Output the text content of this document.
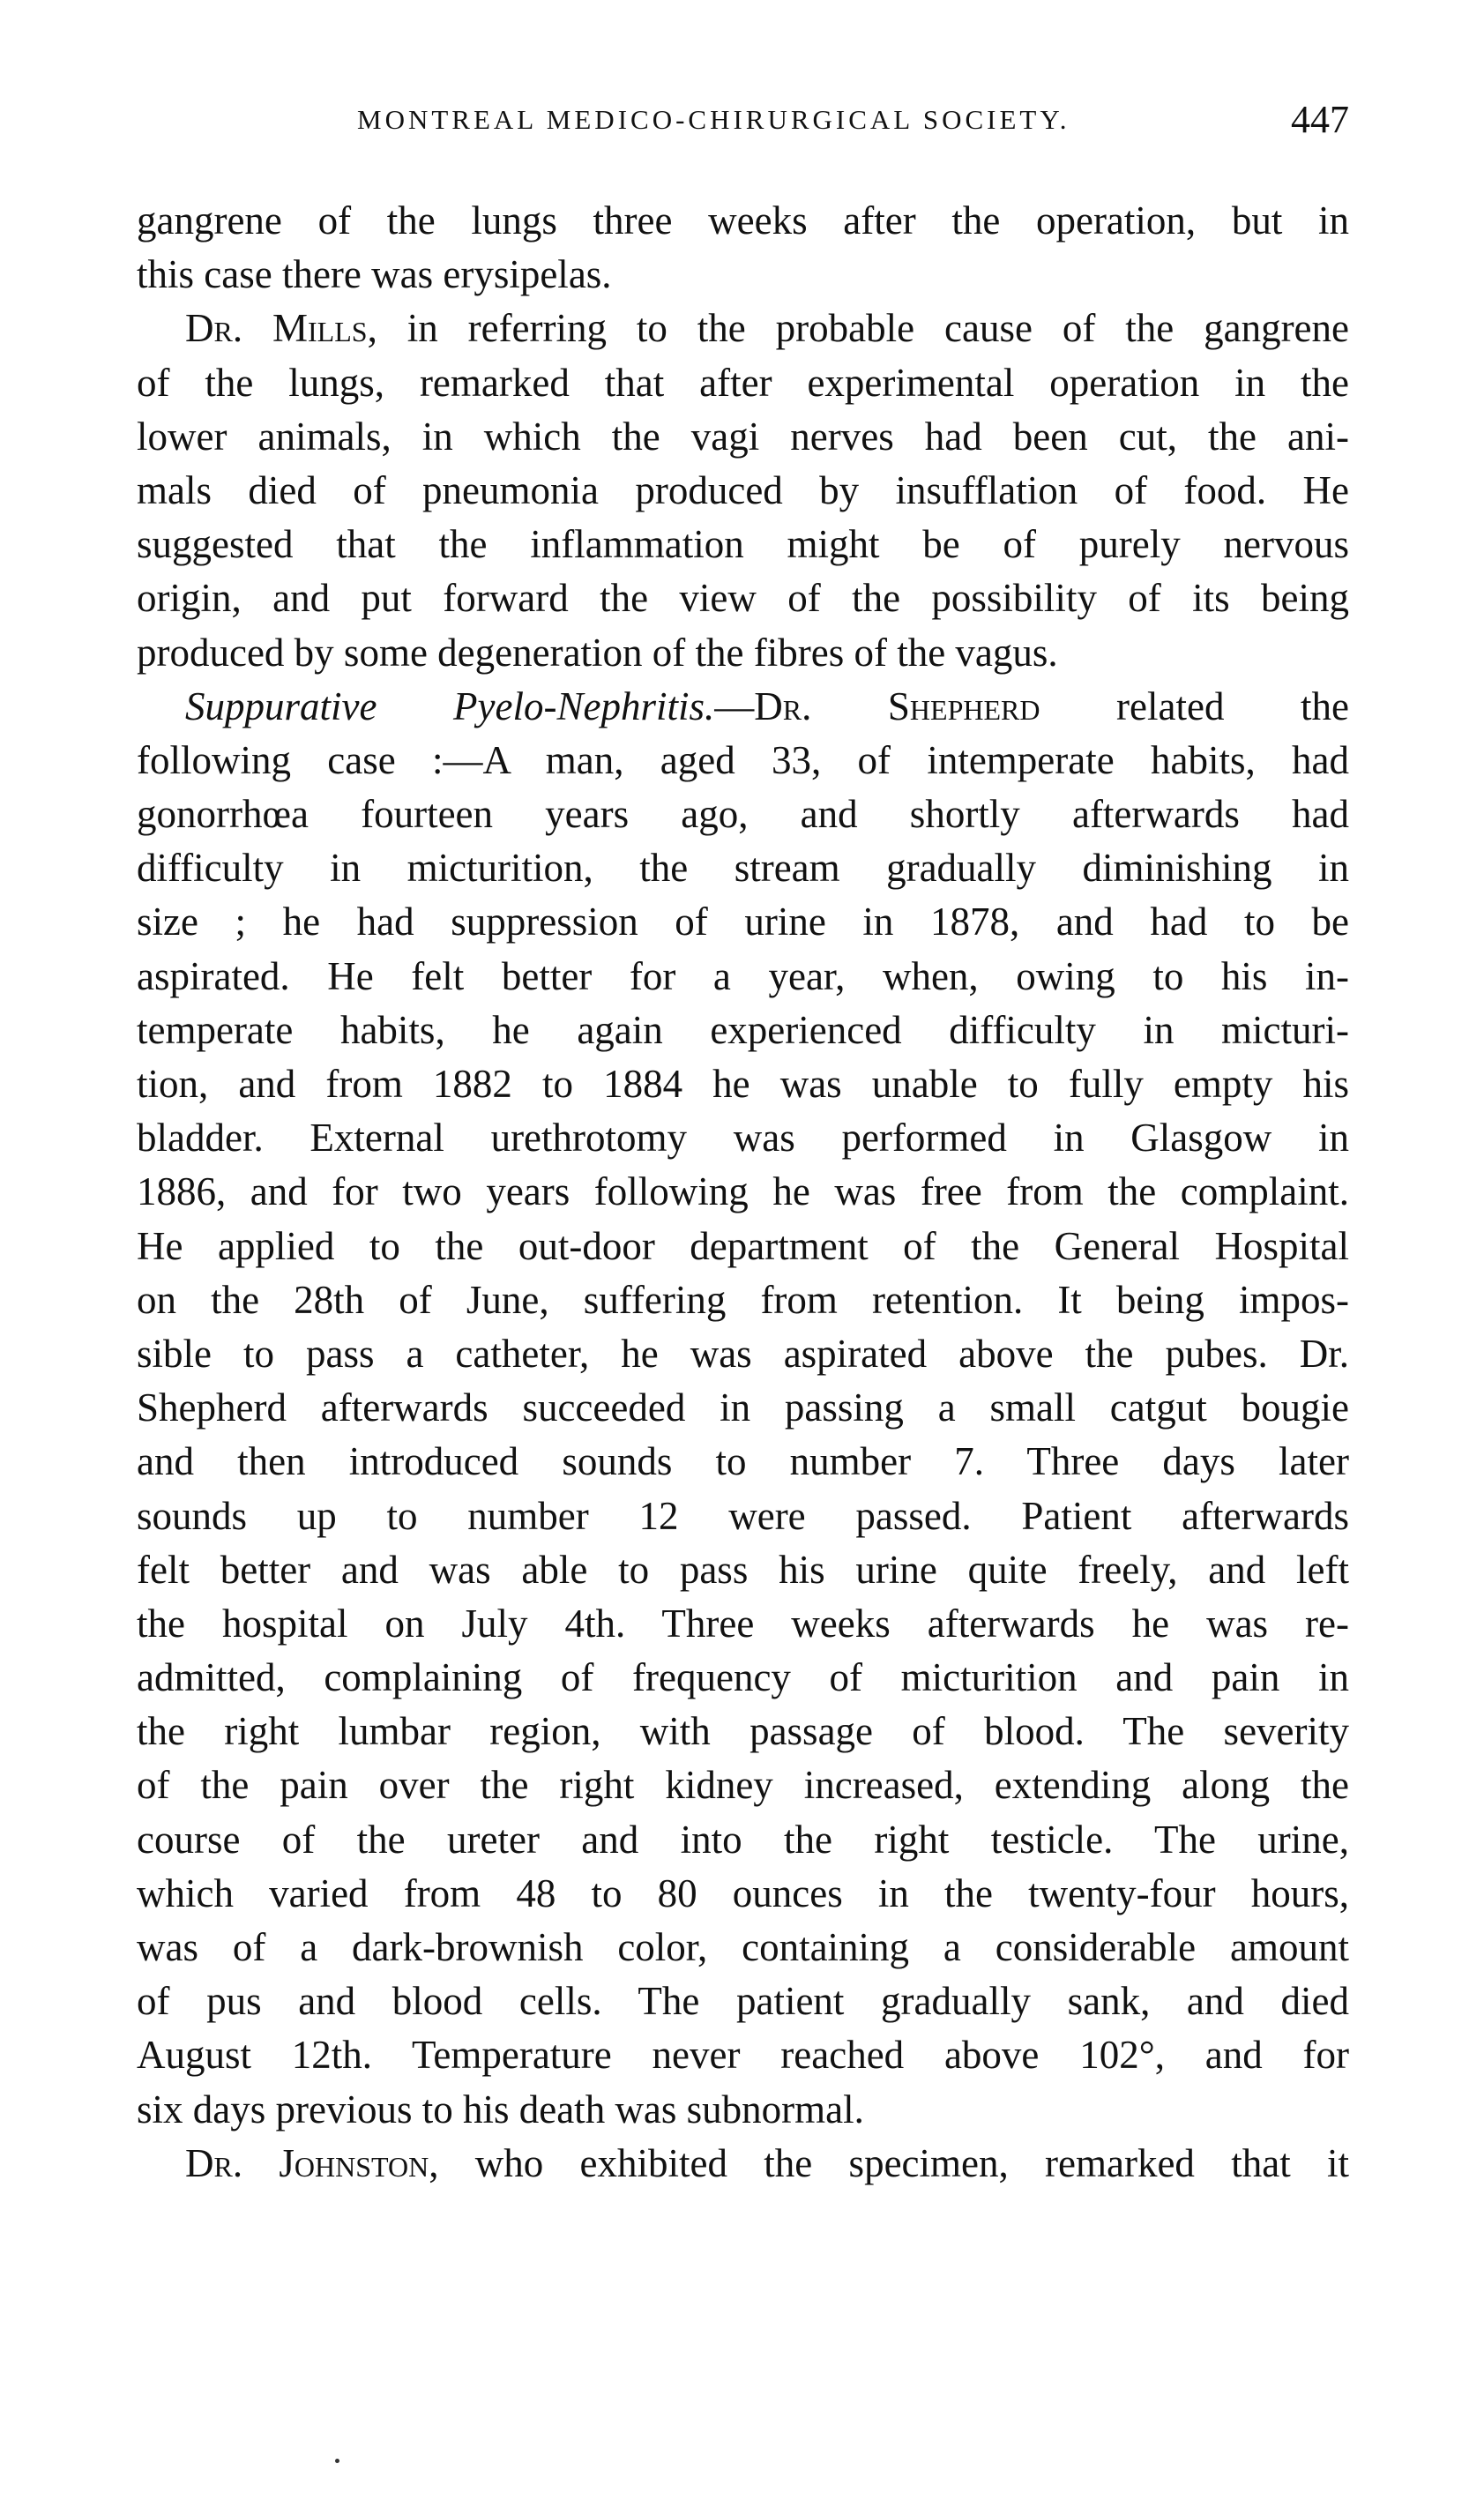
MONTREAL MEDICO-CHIRURGICAL SOCIETY.	447
gangrene of the lungs three weeks after the operation, but in
this case there was erysipelas.
Dr. Mills, in referring to the probable cause of the gangrene
of the lungs, remarked that after experimental operation in the
lower animals, in which the vagi nerves had been cut, the ani-
mals died of pneumonia produced by insufflation of food. He
suggested that the inflammation might be of purely nervous
origin, and put forward the view of the possibility of its being
produced by some degeneration of the fibres of the vagus.
Suppurative Pyelo-Nephritis.—Dr. Shepherd related the
following case :—A man, aged 33, of intemperate habits, had
gonorrhœa fourteen years ago, and shortly afterwards had
difficulty in micturition, the stream gradually diminishing in
size ; he had suppression of urine in 1878, and had to be
aspirated. He felt better for a year, when, owing to his in-
temperate habits, he again experienced difficulty in micturi-
tion, and from 1882 to 1884 he was unable to fully empty his
bladder. External urethrotomy was performed in Glasgow in
1886, and for two years following he was free from the complaint.
He applied to the out-door department of the General Hospital
on the 28th of June, suffering from retention. It being impos-
sible to pass a catheter, he was aspirated above the pubes. Dr.
Shepherd afterwards succeeded in passing a small catgut bougie
and then introduced sounds to number 7. Three days later
sounds up to number 12 were passed. Patient afterwards
felt better and was able to pass his urine quite freely, and left
the hospital on July 4th. Three weeks afterwards he was re-
admitted, complaining of frequency of micturition and pain in
the right lumbar region, with passage of blood. The severity
of the pain over the right kidney increased, extending along the
course of the ureter and into the right testicle. The urine,
which varied from 48 to 80 ounces in the twenty-four hours,
was of a dark-brownish color, containing a considerable amount
of pus and blood cells. The patient gradually sank, and died
August 12th. Temperature never reached above 102°, and for
six days previous to his death was subnormal.
Dr. Johnston, who exhibited the specimen, remarked that it
